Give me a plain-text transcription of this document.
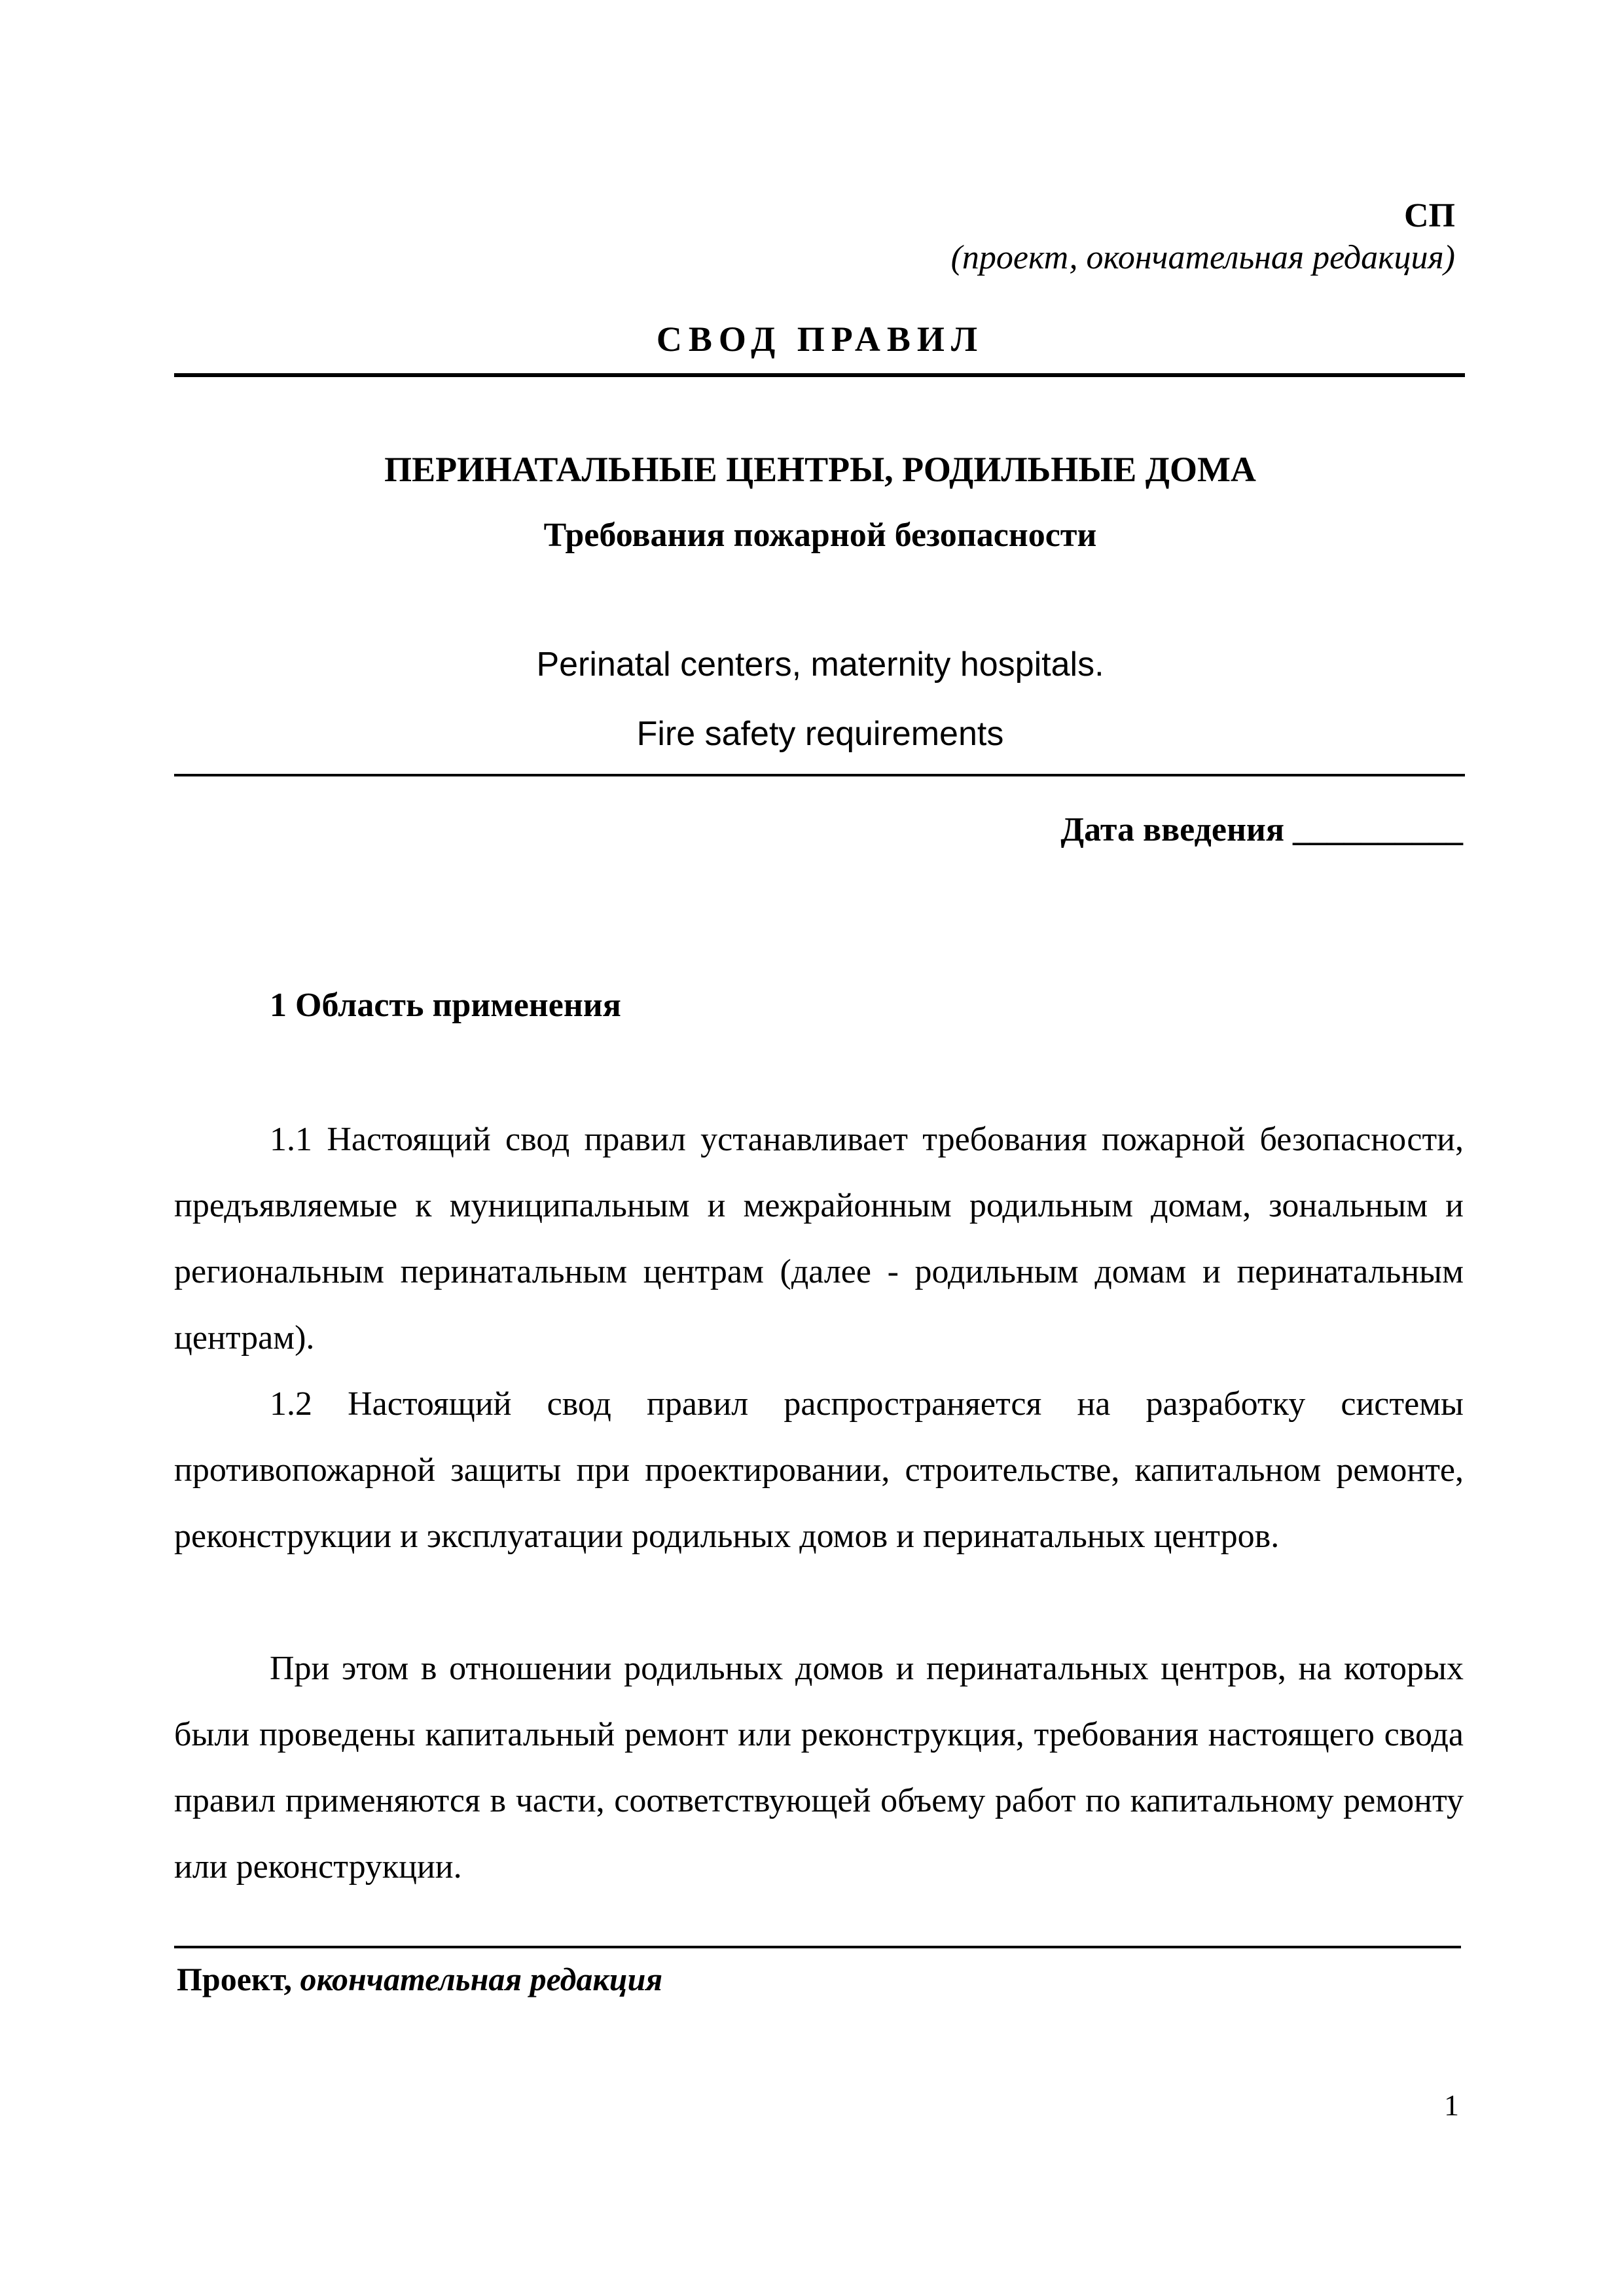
СП
(проект, окончательная редакция)
СВОД ПРАВИЛ
ПЕРИНАТАЛЬНЫЕ ЦЕНТРЫ, РОДИЛЬНЫЕ ДОМА
Требования пожарной безопасности
Perinatal centers, maternity hospitals.
Fire safety requirements
Дата введения __________
1 Область применения

1.1 Настоящий свод правил устанавливает требования пожарной безопасности, предъявляемые к муниципальным и межрайонным родильным домам, зональным и региональным перинатальным центрам (далее - родильным домам и перинатальным центрам).

1.2 Настоящий свод правил распространяется на разработку системы противопожарной защиты при проектировании, строительстве, капитальном ремонте, реконструкции и эксплуатации родильных домов и перинатальных центров.

При этом в отношении родильных домов и перинатальных центров, на которых были проведены капитальный ремонт или реконструкция, требования настоящего свода правил применяются в части, соответствующей объему работ по капитальному ремонту или реконструкции.

Проект, окончательная редакция
1
